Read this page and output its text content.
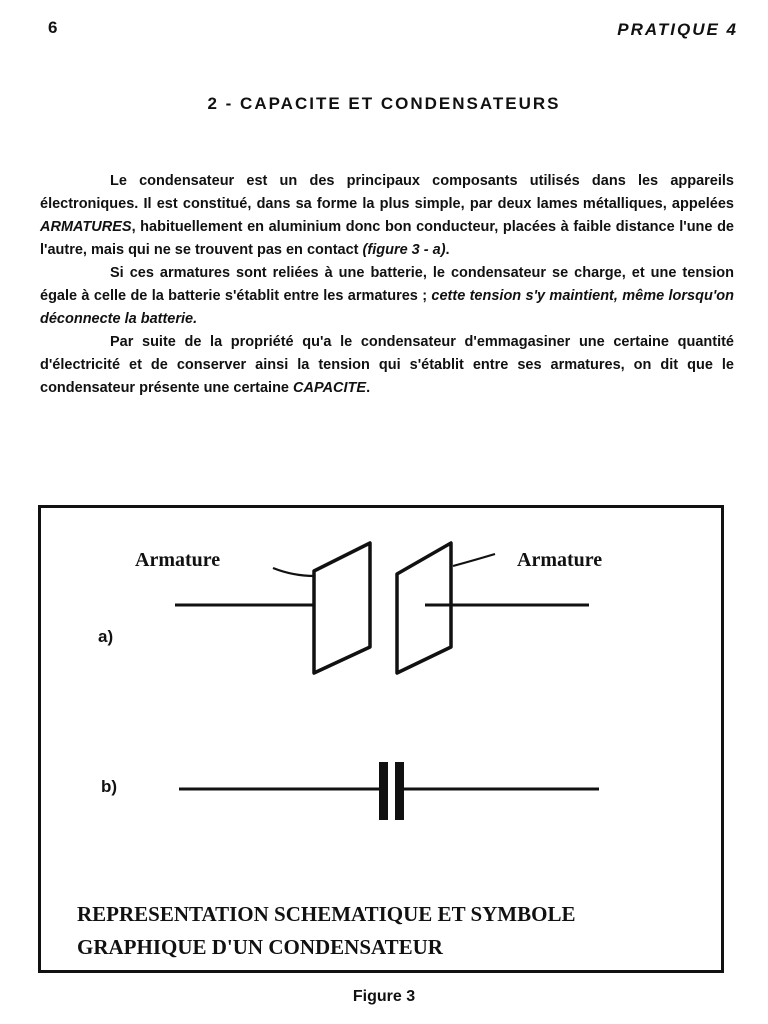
6	PRATIQUE 4
2 - CAPACITE ET CONDENSATEURS

Le condensateur est un des principaux composants utilisés dans les appareils électroniques. Il est constitué, dans sa forme la plus simple, par deux lames métalliques, appelées ARMATURES, habituellement en aluminium donc bon conducteur, placées à faible distance l'une de l'autre, mais qui ne se trouvent pas en contact (figure 3 - a).

Si ces armatures sont reliées à une batterie, le condensateur se charge, et une tension égale à celle de la batterie s'établit entre les armatures ; cette tension s'y maintient, même lorsqu'on déconnecte la batterie.

Par suite de la propriété qu'a le condensateur d'emmagasiner une certaine quantité d'électricité et de conserver ainsi la tension qui s'établit entre ses armatures, on dit que le condensateur présente une certaine CAPACITE.

Armature	Armature
a)
b)
REPRESENTATION SCHEMATIQUE ET SYMBOLE
GRAPHIQUE D'UN CONDENSATEUR
Figure 3
